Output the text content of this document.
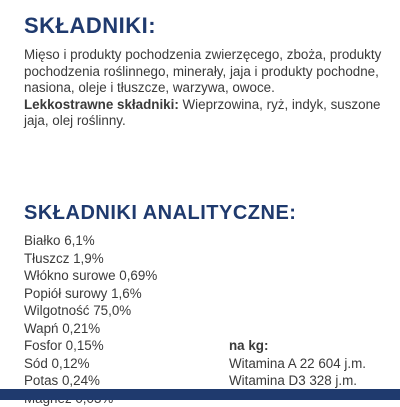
SKŁADNIKI:

Mięso i produkty pochodzenia zwierzęcego, zboża, produkty pochodzenia roślinnego, minerały, jaja i produkty pochodne, nasiona, oleje i tłuszcze, warzywa, owoce.
Lekkostrawne składniki: Wieprzowina, ryż, indyk, suszone jaja, olej roślinny.

SKŁADNIKI ANALITYCZNE:
Białko 6,1%
Tłuszcz 1,9%
Włókno surowe 0,69%
Popiół surowy 1,6%
Wilgotność 75,0%
Wapń 0,21%
Fosfor 0,15%
Sód 0,12%
Potas 0,24%
na kg:
Witamina A 22 604 j.m.
Witamina D3 328 j.m.
